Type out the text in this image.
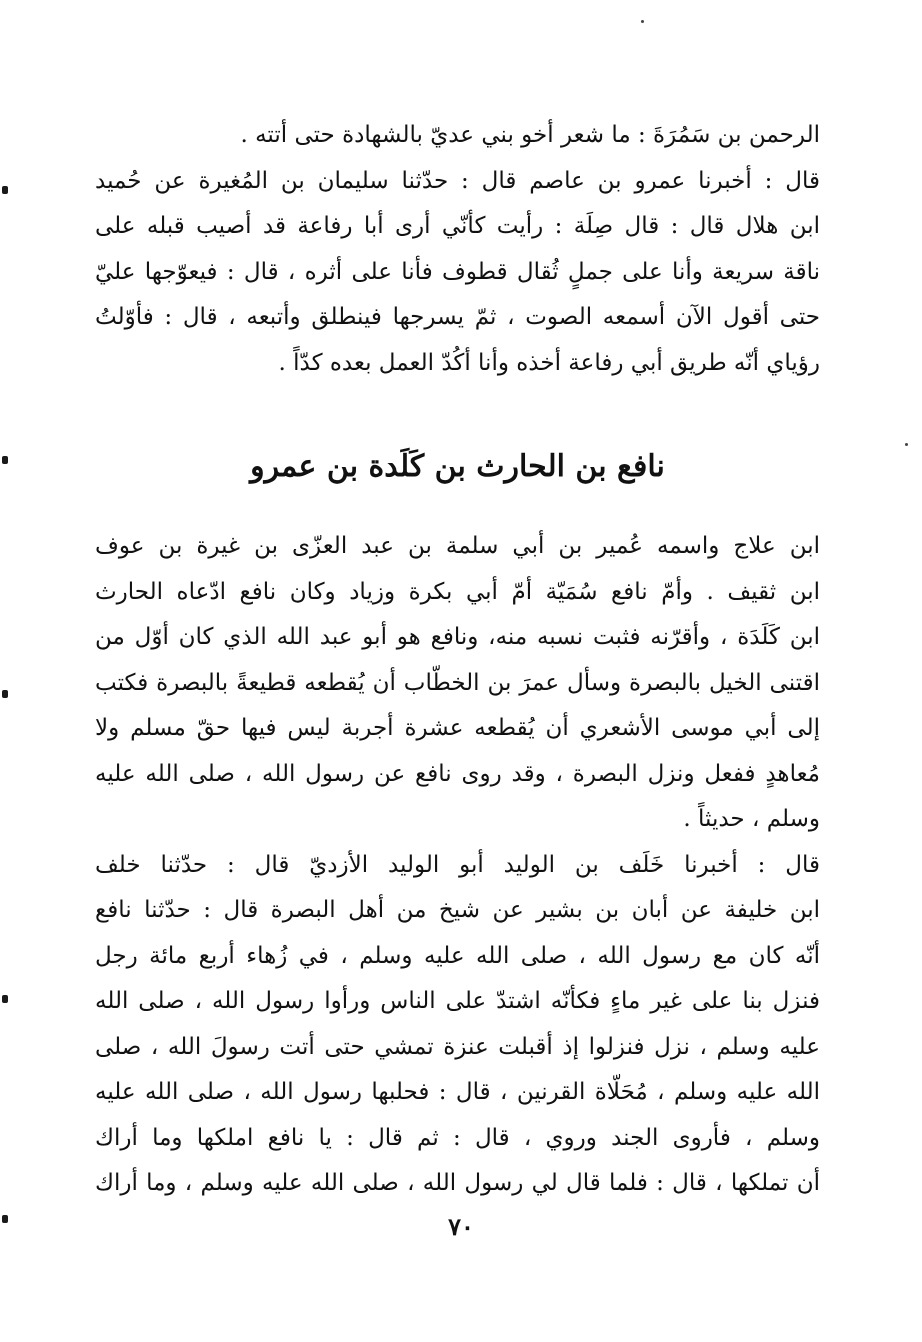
الرحمن بن سَمُرَةَ : ما شعر أخو بني عديّ بالشهادة حتى أتته .
قال : أخبرنا عمرو بن عاصم قال : حدّثنا سليمان بن المُغيرة عن حُميد
ابن هلال قال : قال صِلَة : رأيت كأنّي أرى أبا رفاعة قد أصيب قبله على
ناقة سريعة وأنا على جملٍ ثُقال قطوف فأنا على أثره ، قال : فيعوّجها عليّ
حتى أقول الآن أسمعه الصوت ، ثمّ يسرجها فينطلق وأتبعه ، قال : فأوّلتُ
رؤياي أنّه طريق أبي رفاعة أخذه وأنا أكُدّ العمل بعده كدّاً .
نافع بن الحارث بن كَلَدة بن عمرو
ابن علاج واسمه عُمير بن أبي سلمة بن عبد العزّى بن غيرة بن عوف
ابن ثقيف . وأمّ نافع سُمَيّة أمّ أبي بكرة وزياد وكان نافع ادّعاه الحارث
ابن كَلَدَة ، وأقرّنه فثبت نسبه منه، ونافع هو أبو عبد الله الذي كان أوّل من
اقتنى الخيل بالبصرة وسأل عمرَ بن الخطّاب أن يُقطعه قطيعةً بالبصرة فكتب
إلى أبي موسى الأشعري أن يُقطعه عشرة أجربة ليس فيها حقّ مسلم ولا
مُعاهدٍ ففعل ونزل البصرة ، وقد روى نافع عن رسول الله ، صلى الله عليه
وسلم ، حديثاً .
قال : أخبرنا خَلَف بن الوليد أبو الوليد الأزديّ قال : حدّثنا خلف
ابن خليفة عن أبان بن بشير عن شيخ من أهل البصرة قال : حدّثنا نافع
أنّه كان مع رسول الله ، صلى الله عليه وسلم ، في زُهاء أربع مائة رجل
فنزل بنا على غير ماءٍ فكأنّه اشتدّ على الناس ورأوا رسول الله ، صلى الله
عليه وسلم ، نزل فنزلوا إذ أقبلت عنزة تمشي حتى أتت رسولَ الله ، صلى
الله عليه وسلم ، مُحَلّاة القرنين ، قال : فحلبها رسول الله ، صلى الله عليه
وسلم ، فأروى الجند وروي ، قال : ثم قال : يا نافع املكها وما أراك
أن تملكها ، قال : فلما قال لي رسول الله ، صلى الله عليه وسلم ، وما أراك
٧٠
